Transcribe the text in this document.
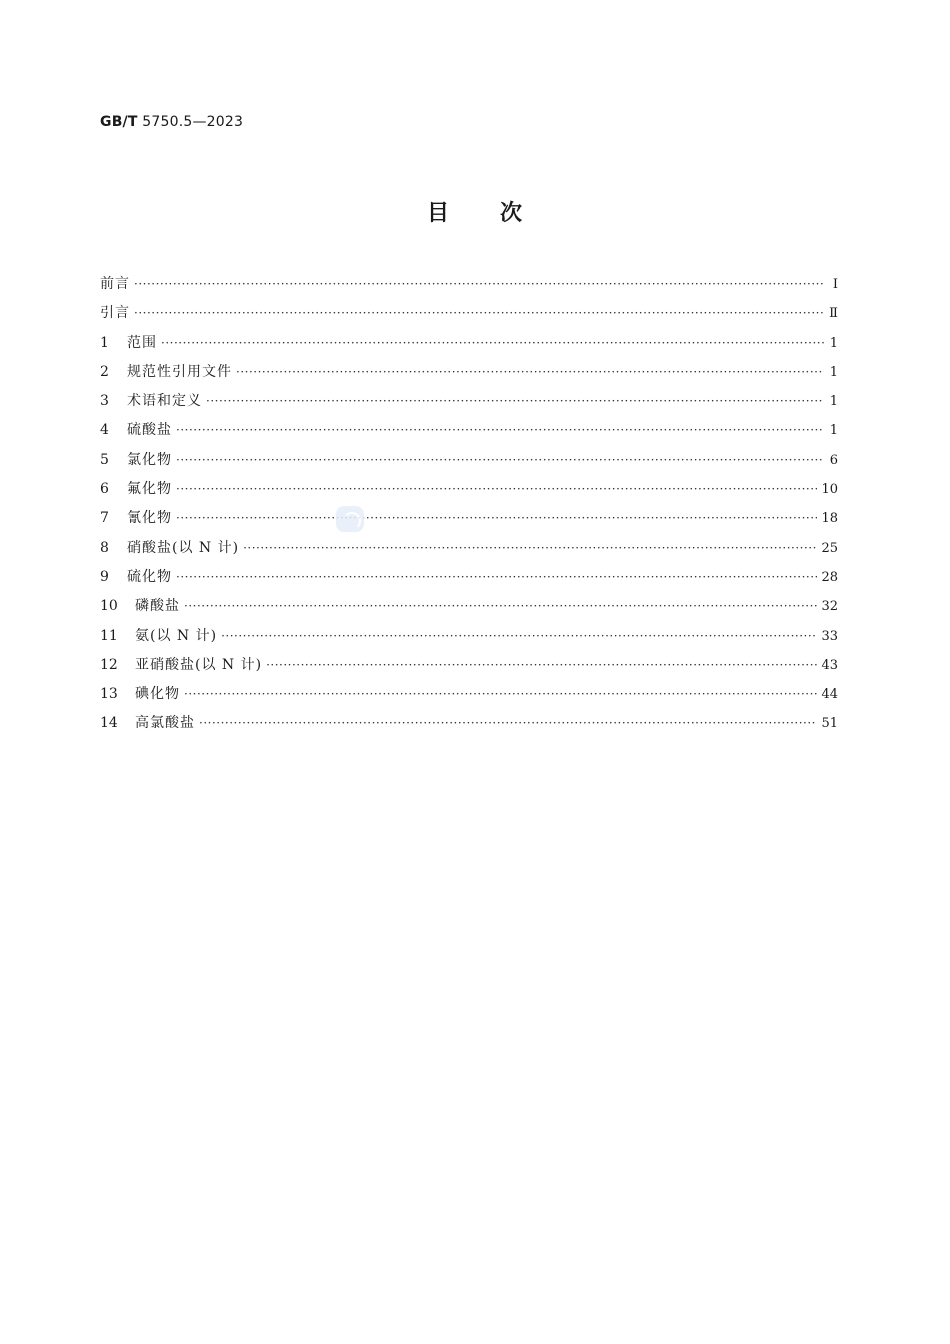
GB/T 5750.5—2023
目 次
前言 ·····	Ⅰ
引言 ·····	Ⅱ
1	范围 ·····	1
2	规范性引用文件 ·····	1
3	术语和定义 ·····	1
4	硫酸盐 ·····	1
5	氯化物 ·····	6
6	氟化物 ·····	10
7	氰化物 ·····	18
8	硝酸盐(以 N 计) ·····	25
9	硫化物 ·····	28
10	磷酸盐 ·····	32
11	氨(以 N 计) ·····	33
12	亚硝酸盐(以 N 计) ·····	43
13	碘化物 ·····	44
14	高氯酸盐 ·····	51
